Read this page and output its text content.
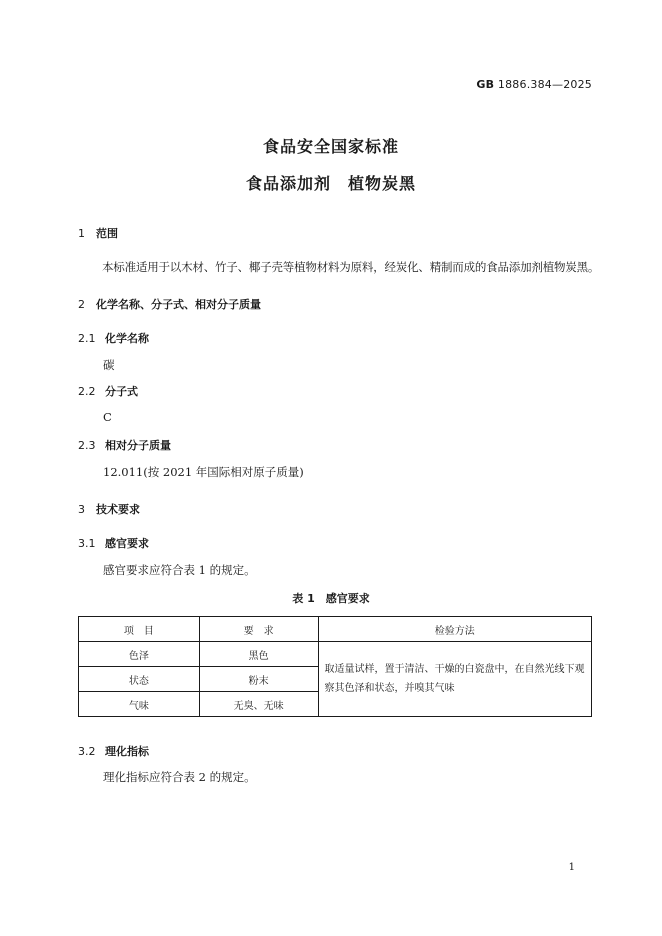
GB 1886.384—2025
食品安全国家标准
食品添加剂　植物炭黑
1 范围
本标准适用于以木材、竹子、椰子壳等植物材料为原料，经炭化、精制而成的食品添加剂植物炭黑。
2 化学名称、分子式、相对分子质量
2.1 化学名称
碳
2.2 分子式
C
2.3 相对分子质量
12.011(按 2021 年国际相对原子质量)
3 技术要求
3.1 感官要求
感官要求应符合表 1 的规定。
表 1　感官要求
项　目	要　求	检验方法
色泽	黑色	取适量试样，置于清洁、干燥的白瓷盘中，在自然光线下观察其色泽和状态，并嗅其气味
状态	粉末	
气味	无臭、无味	
3.2 理化指标
理化指标应符合表 2 的规定。
1
